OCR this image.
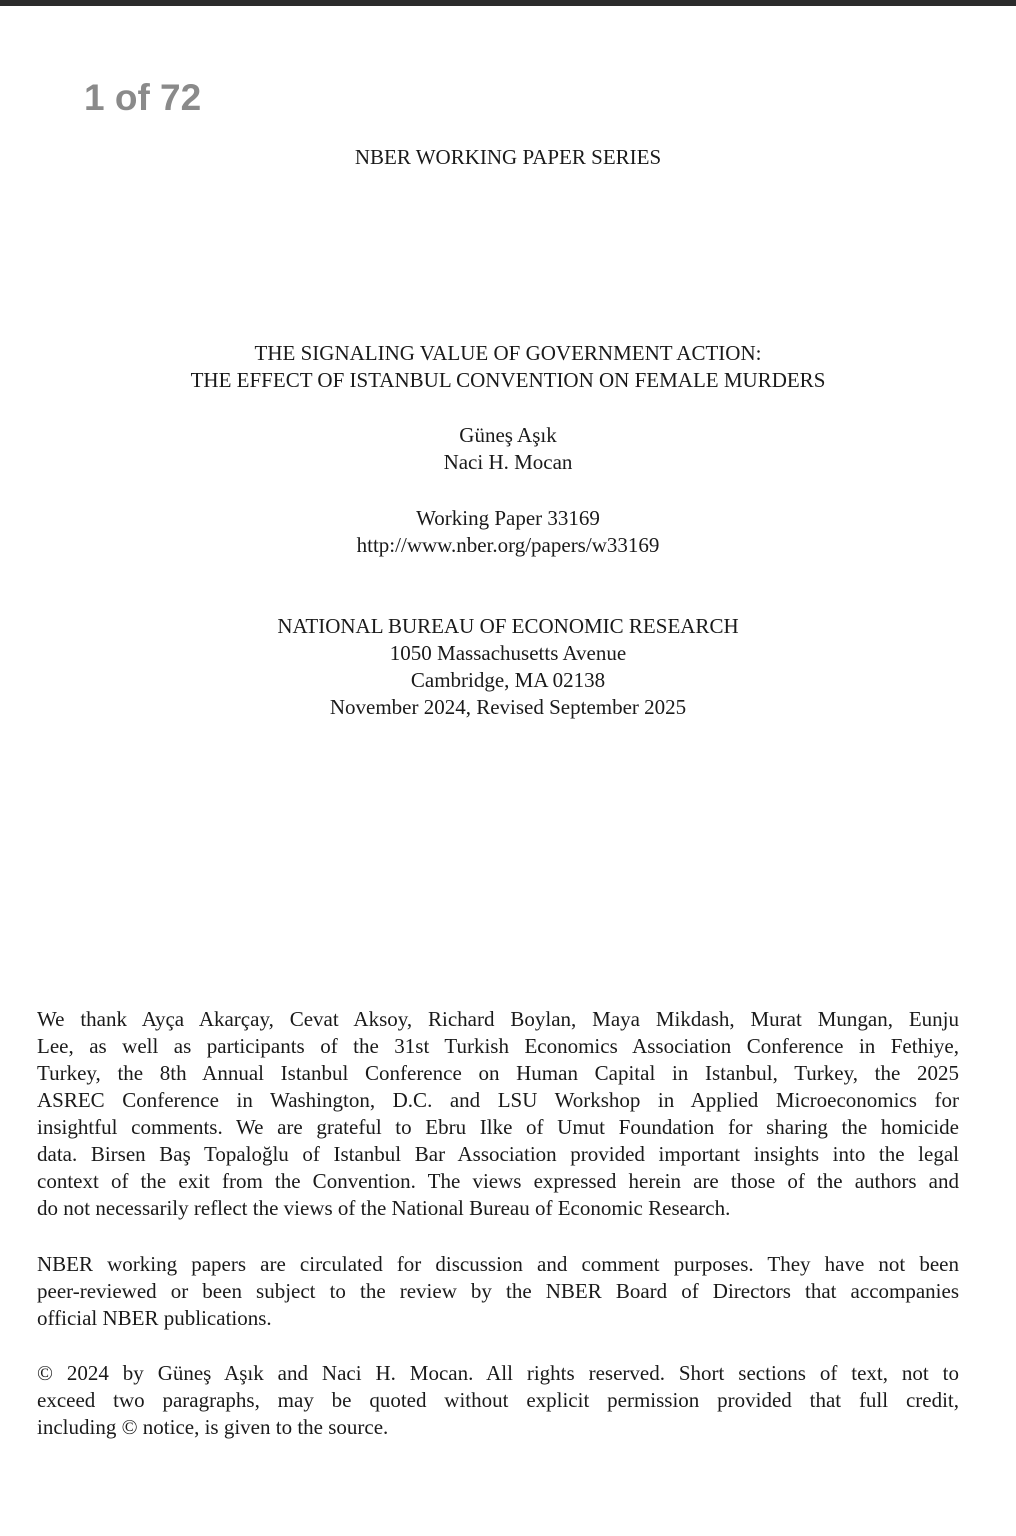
1 of 72
NBER WORKING PAPER SERIES
THE SIGNALING VALUE OF GOVERNMENT ACTION:
THE EFFECT OF ISTANBUL CONVENTION ON FEMALE MURDERS
Güneş Aşık
Naci H. Mocan
Working Paper 33169
http://www.nber.org/papers/w33169
NATIONAL BUREAU OF ECONOMIC RESEARCH
1050 Massachusetts Avenue
Cambridge, MA 02138
November 2024, Revised September 2025
We thank Ayça Akarçay, Cevat Aksoy, Richard Boylan, Maya Mikdash, Murat Mungan, Eunju
Lee, as well as participants of the 31st Turkish Economics Association Conference in Fethiye,
Turkey, the 8th Annual Istanbul Conference on Human Capital in Istanbul, Turkey, the 2025
ASREC Conference in Washington, D.C. and LSU Workshop in Applied Microeconomics for
insightful comments. We are grateful to Ebru Ilke of Umut Foundation for sharing the homicide
data. Birsen Baş Topaloğlu of Istanbul Bar Association provided important insights into the legal
context of the exit from the Convention. The views expressed herein are those of the authors and
do not necessarily reflect the views of the National Bureau of Economic Research.
NBER working papers are circulated for discussion and comment purposes. They have not been
peer-reviewed or been subject to the review by the NBER Board of Directors that accompanies
official NBER publications.
© 2024 by Güneş Aşık and Naci H. Mocan. All rights reserved. Short sections of text, not to
exceed two paragraphs, may be quoted without explicit permission provided that full credit,
including © notice, is given to the source.
